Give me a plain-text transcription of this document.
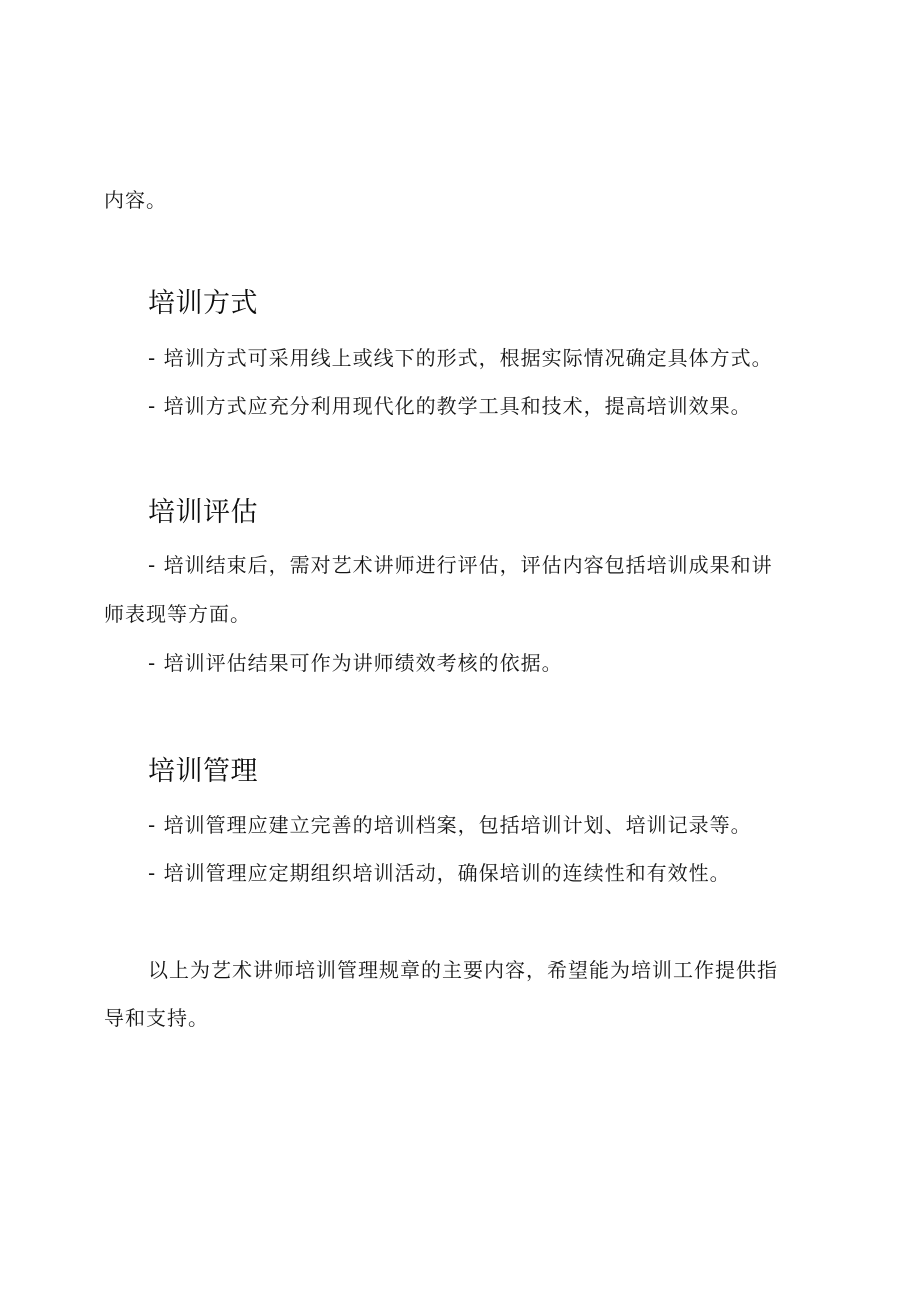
内容。
培训方式
- 培训方式可采用线上或线下的形式，根据实际情况确定具体方式。
- 培训方式应充分利用现代化的教学工具和技术，提高培训效果。
培训评估
- 培训结束后，需对艺术讲师进行评估，评估内容包括培训成果和讲
师表现等方面。
- 培训评估结果可作为讲师绩效考核的依据。
培训管理
- 培训管理应建立完善的培训档案，包括培训计划、培训记录等。
- 培训管理应定期组织培训活动，确保培训的连续性和有效性。
以上为艺术讲师培训管理规章的主要内容，希望能为培训工作提供指
导和支持。
